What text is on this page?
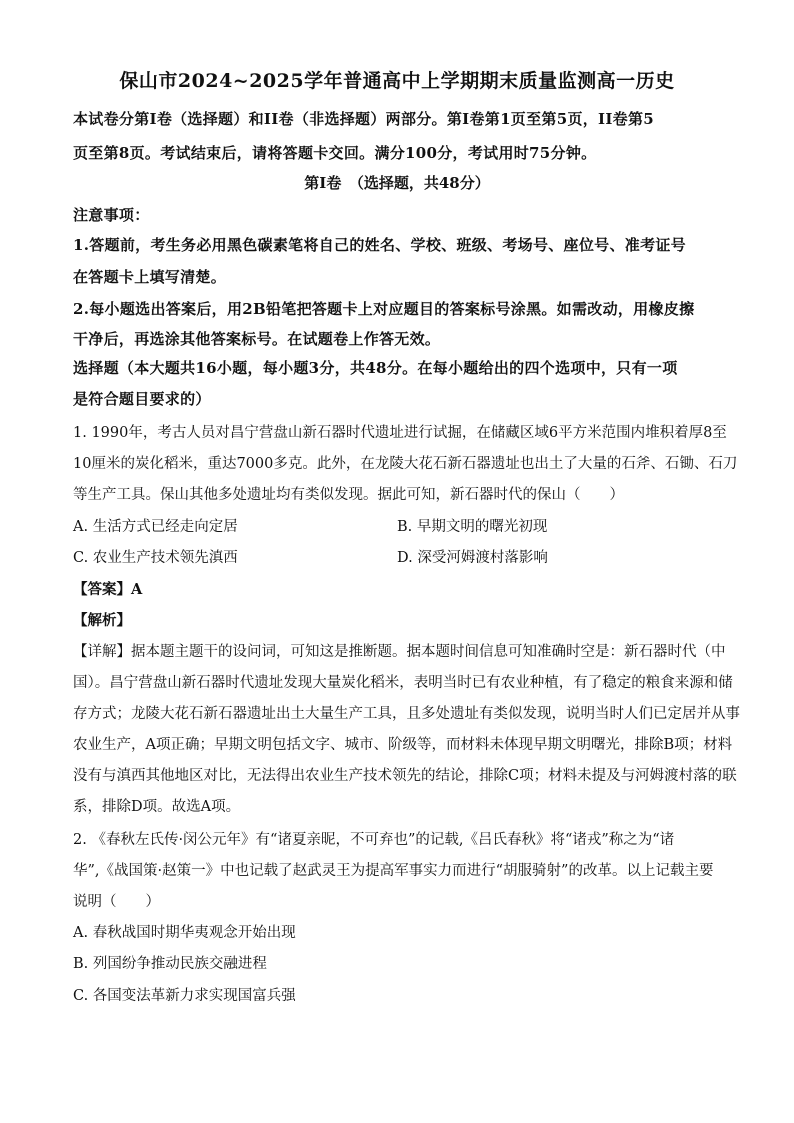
保山市2024~2025学年普通高中上学期期末质量监测高一历史
本试卷分第Ⅰ卷（选择题）和II卷（非选择题）两部分。第Ⅰ卷第1页至第5页，II卷第5
页至第8页。考试结束后，请将答题卡交回。满分100分，考试用时75分钟。
第Ⅰ卷　（选择题，共48分）
注意事项：
1.答题前，考生务必用黑色碳素笔将自己的姓名、学校、班级、考场号、座位号、准考证号
在答题卡上填写清楚。
2.每小题选出答案后，用2B铅笔把答题卡上对应题目的答案标号涂黑。如需改动，用橡皮擦
干净后，再选涂其他答案标号。在试题卷上作答无效。
选择题（本大题共16小题，每小题3分，共48分。在每小题给出的四个选项中，只有一项
是符合题目要求的）
1. 1990年，考古人员对昌宁营盘山新石器时代遗址进行试掘，在储藏区域6平方米范围内堆积着厚8至
10厘米的炭化稻米，重达7000多克。此外，在龙陵大花石新石器遗址也出土了大量的石斧、石锄、石刀
等生产工具。保山其他多处遗址均有类似发现。据此可知，新石器时代的保山（　　）
A. 生活方式已经走向定居	B. 早期文明的曙光初现
C. 农业生产技术领先滇西	D. 深受河姆渡村落影响
【答案】A
【解析】
【详解】据本题主题干的设问词，可知这是推断题。据本题时间信息可知准确时空是：新石器时代（中
国）。昌宁营盘山新石器时代遗址发现大量炭化稻米，表明当时已有农业种植，有了稳定的粮食来源和储
存方式；龙陵大花石新石器遗址出土大量生产工具，且多处遗址有类似发现，说明当时人们已定居并从事
农业生产，A项正确；早期文明包括文字、城市、阶级等，而材料未体现早期文明曙光，排除B项；材料
没有与滇西其他地区对比，无法得出农业生产技术领先的结论，排除C项；材料未提及与河姆渡村落的联
系，排除D项。故选A项。
2. 《春秋左氏传·闵公元年》有“诸夏亲昵，不可弃也”的记载,《吕氏春秋》将“诸戎”称之为“诸
华”,《战国策·赵策一》中也记载了赵武灵王为提高军事实力而进行“胡服骑射”的改革。以上记载主要
说明（　　）
A. 春秋战国时期华夷观念开始出现
B. 列国纷争推动民族交融进程
C. 各国变法革新力求实现国富兵强
